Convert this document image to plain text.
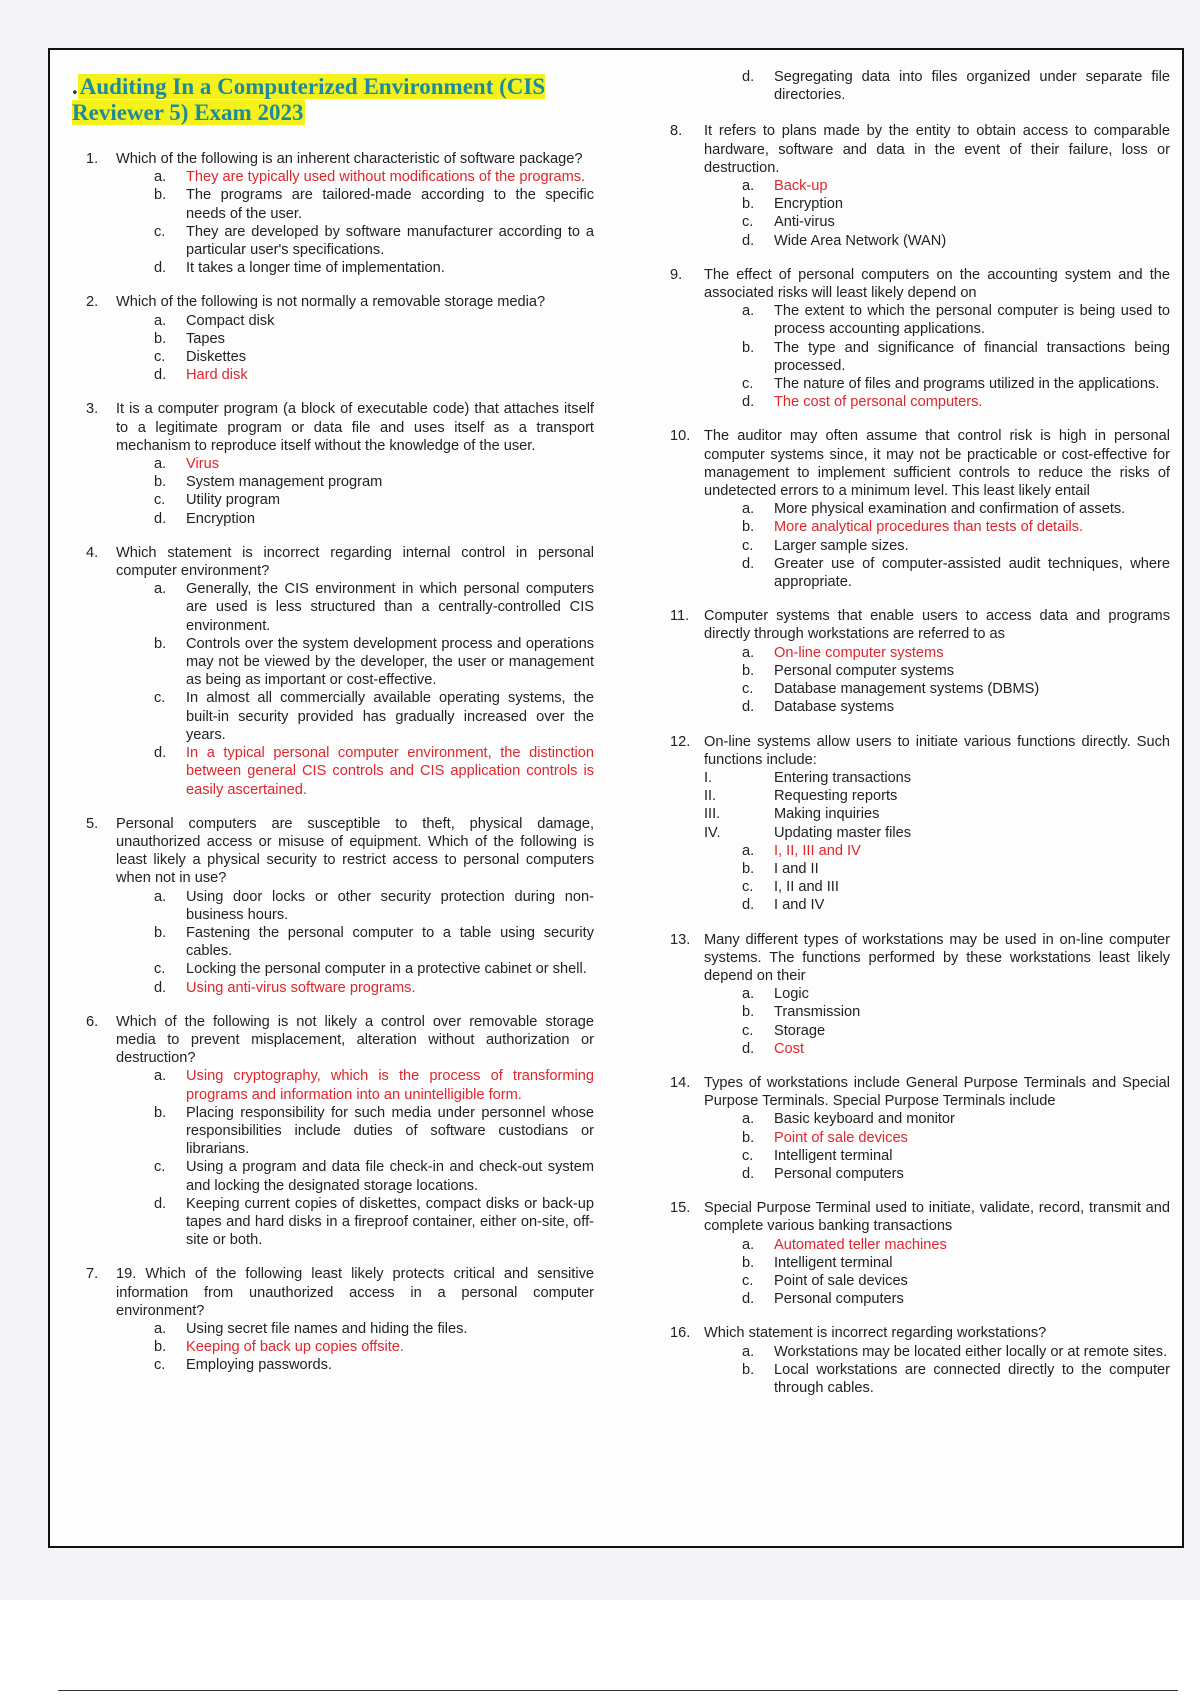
.Auditing In a Computerized Environment (CIS Reviewer 5) Exam 2023
1.	Which of the following is an inherent characteristic of software package?
a.	They are typically used without modifications of the programs.
b.	The programs are tailored-made according to the specific needs of the user.
c.	They are developed by software manufacturer according to a particular user's specifications.
d.	It takes a longer time of implementation.
2.	Which of the following is not normally a removable storage media?
a.	Compact disk
b.	Tapes
c.	Diskettes
d.	Hard disk
3.	It is a computer program (a block of executable code) that attaches itself to a legitimate program or data file and uses itself as a transport mechanism to reproduce itself without the knowledge of the user.
a.	Virus
b.	System management program
c.	Utility program
d.	Encryption
4.	Which statement is incorrect regarding internal control in personal computer environment?
a.	Generally, the CIS environment in which personal computers are used is less structured than a centrally-controlled CIS environment.
b.	Controls over the system development process and operations may not be viewed by the developer, the user or management as being as important or cost-effective.
c.	In almost all commercially available operating systems, the built-in security provided has gradually increased over the years.
d.	In a typical personal computer environment, the distinction between general CIS controls and CIS application controls is easily ascertained.
5.	Personal computers are susceptible to theft, physical damage, unauthorized access or misuse of equipment. Which of the following is least likely a physical security to restrict access to personal computers when not in use?
a.	Using door locks or other security protection during non-business hours.
b.	Fastening the personal computer to a table using security cables.
c.	Locking the personal computer in a protective cabinet or shell.
d.	Using anti-virus software programs.
6.	Which of the following is not likely a control over removable storage media to prevent misplacement, alteration without authorization or destruction?
a.	Using cryptography, which is the process of transforming programs and information into an unintelligible form.
b.	Placing responsibility for such media under personnel whose responsibilities include duties of software custodians or librarians.
c.	Using a program and data file check-in and check-out system and locking the designated storage locations.
d.	Keeping current copies of diskettes, compact disks or back-up tapes and hard disks in a fireproof container, either on-site, off-site or both.
7.	19. Which of the following least likely protects critical and sensitive information from unauthorized access in a personal computer environment?
a.	Using secret file names and hiding the files.
b.	Keeping of back up copies offsite.
c.	Employing passwords.
d.	Segregating data into files organized under separate file directories.
8.	It refers to plans made by the entity to obtain access to comparable hardware, software and data in the event of their failure, loss or destruction.
a.	Back-up
b.	Encryption
c.	Anti-virus
d.	Wide Area Network (WAN)
9.	The effect of personal computers on the accounting system and the associated risks will least likely depend on
a.	The extent to which the personal computer is being used to process accounting applications.
b.	The type and significance of financial transactions being processed.
c.	The nature of files and programs utilized in the applications.
d.	The cost of personal computers.
10. The auditor may often assume that control risk is high in personal computer systems since, it may not be practicable or cost-effective for management to implement sufficient controls to reduce the risks of undetected errors to a minimum level. This least likely entail
a.	More physical examination and confirmation of assets.
b.	More analytical procedures than tests of details.
c.	Larger sample sizes.
d.	Greater use of computer-assisted audit techniques, where appropriate.
11.	Computer systems that enable users to access data and programs directly through workstations are referred to as
a.	On-line computer systems
b.	Personal computer systems
c.	Database management systems (DBMS)
d.	Database systems
12. On-line systems allow users to initiate various functions directly. Such functions include:
I.	Entering transactions
II.	Requesting reports
III.	Making inquiries
IV.	Updating master files
a.	I, II, III and IV
b.	I and II
c.	I, II and III
d.	I and IV
13. Many different types of workstations may be used in on-line computer systems. The functions performed by these workstations least likely depend on their
a.	Logic
b.	Transmission
c.	Storage
d.	Cost
14. Types of workstations include General Purpose Terminals and Special Purpose Terminals. Special Purpose Terminals include
a.	Basic keyboard and monitor
b.	Point of sale devices
c.	Intelligent terminal
d.	Personal computers
15. Special Purpose Terminal used to initiate, validate, record, transmit and complete various banking transactions
a.	Automated teller machines
b.	Intelligent terminal
c.	Point of sale devices
d.	Personal computers
16. Which statement is incorrect regarding workstations?
a.	Workstations may be located either locally or at remote sites.
b.	Local workstations are connected directly to the computer through cables.
